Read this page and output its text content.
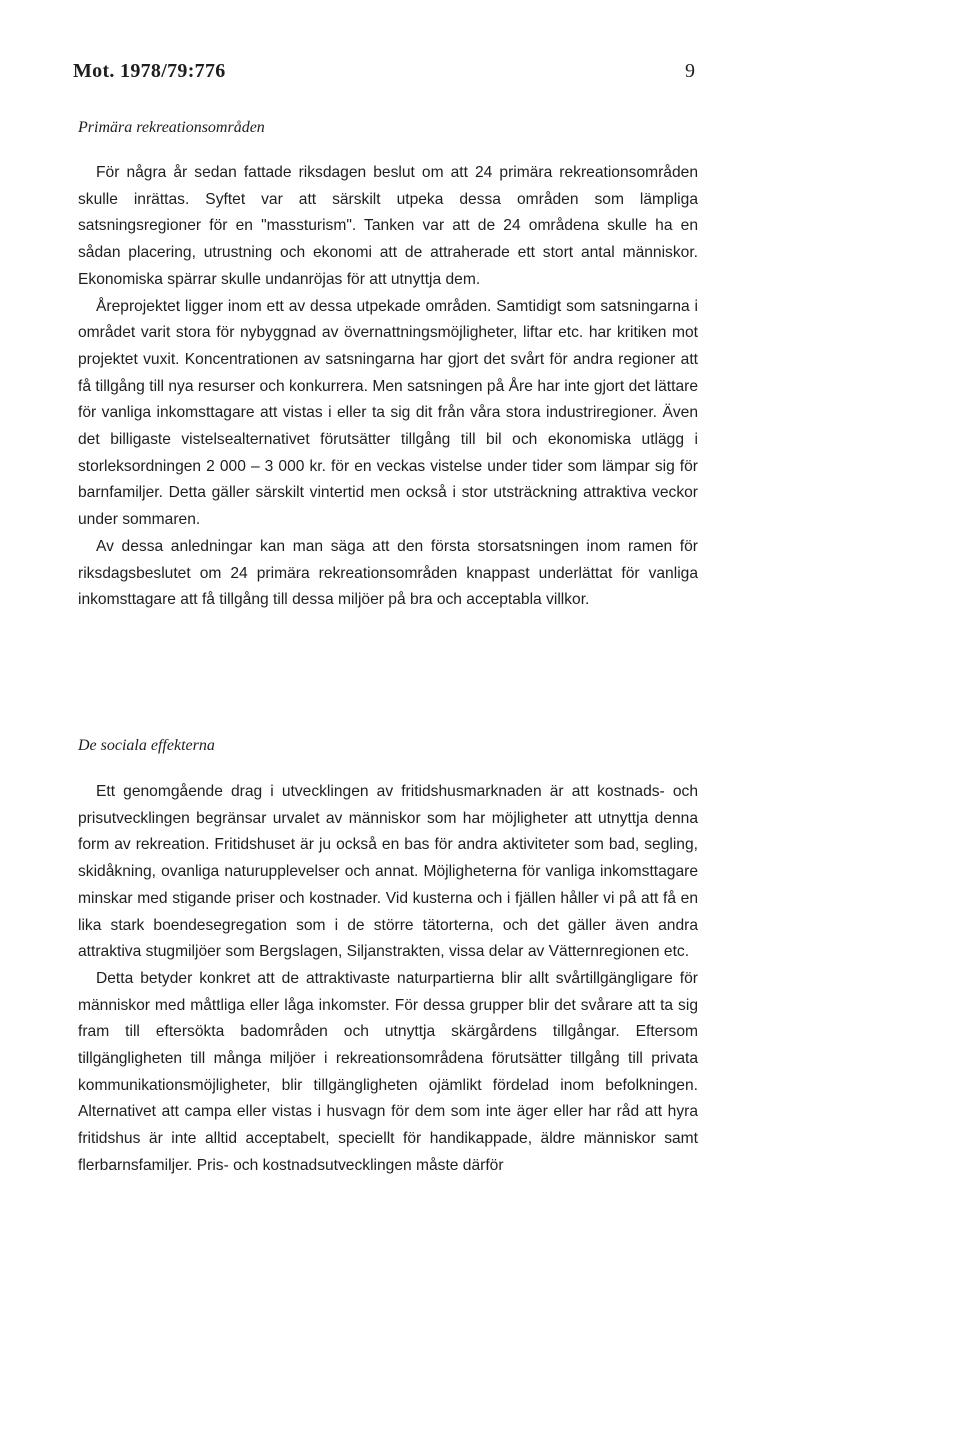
Mot. 1978/79:776	9
Primära rekreationsområden

För några år sedan fattade riksdagen beslut om att 24 primära rekreationsområden skulle inrättas. Syftet var att särskilt utpeka dessa områden som lämpliga satsningsregioner för en "massturism". Tanken var att de 24 områdena skulle ha en sådan placering, utrustning och ekonomi att de attraherade ett stort antal människor. Ekonomiska spärrar skulle undanröjas för att utnyttja dem.

Åreprojektet ligger inom ett av dessa utpekade områden. Samtidigt som satsningarna i området varit stora för nybyggnad av övernattningsmöjligheter, liftar etc. har kritiken mot projektet vuxit. Koncentrationen av satsningarna har gjort det svårt för andra regioner att få tillgång till nya resurser och konkurrera. Men satsningen på Åre har inte gjort det lättare för vanliga inkomsttagare att vistas i eller ta sig dit från våra stora industriregioner. Även det billigaste vistelsealternativet förutsätter tillgång till bil och ekonomiska utlägg i storleksordningen 2 000 – 3 000 kr. för en veckas vistelse under tider som lämpar sig för barnfamiljer. Detta gäller särskilt vintertid men också i stor utsträckning attraktiva veckor under sommaren.

Av dessa anledningar kan man säga att den första storsatsningen inom ramen för riksdagsbeslutet om 24 primära rekreationsområden knappast underlättat för vanliga inkomsttagare att få tillgång till dessa miljöer på bra och acceptabla villkor.

De sociala effekterna

Ett genomgående drag i utvecklingen av fritidshusmarknaden är att kostnads- och prisutvecklingen begränsar urvalet av människor som har möjligheter att utnyttja denna form av rekreation. Fritidshuset är ju också en bas för andra aktiviteter som bad, segling, skidåkning, ovanliga naturupplevelser och annat. Möjligheterna för vanliga inkomsttagare minskar med stigande priser och kostnader. Vid kusterna och i fjällen håller vi på att få en lika stark boendesegregation som i de större tätorterna, och det gäller även andra attraktiva stugmiljöer som Bergslagen, Siljanstrakten, vissa delar av Vätternregionen etc.

Detta betyder konkret att de attraktivaste naturpartierna blir allt svårtillgängligare för människor med måttliga eller låga inkomster. För dessa grupper blir det svårare att ta sig fram till eftersökta badområden och utnyttja skärgårdens tillgångar. Eftersom tillgängligheten till många miljöer i rekreationsområdena förutsätter tillgång till privata kommunikationsmöjligheter, blir tillgängligheten ojämlikt fördelad inom befolkningen. Alternativet att campa eller vistas i husvagn för dem som inte äger eller har råd att hyra fritidshus är inte alltid acceptabelt, speciellt för handikappade, äldre människor samt flerbarnsfamiljer. Pris- och kostnadsutvecklingen måste därför
